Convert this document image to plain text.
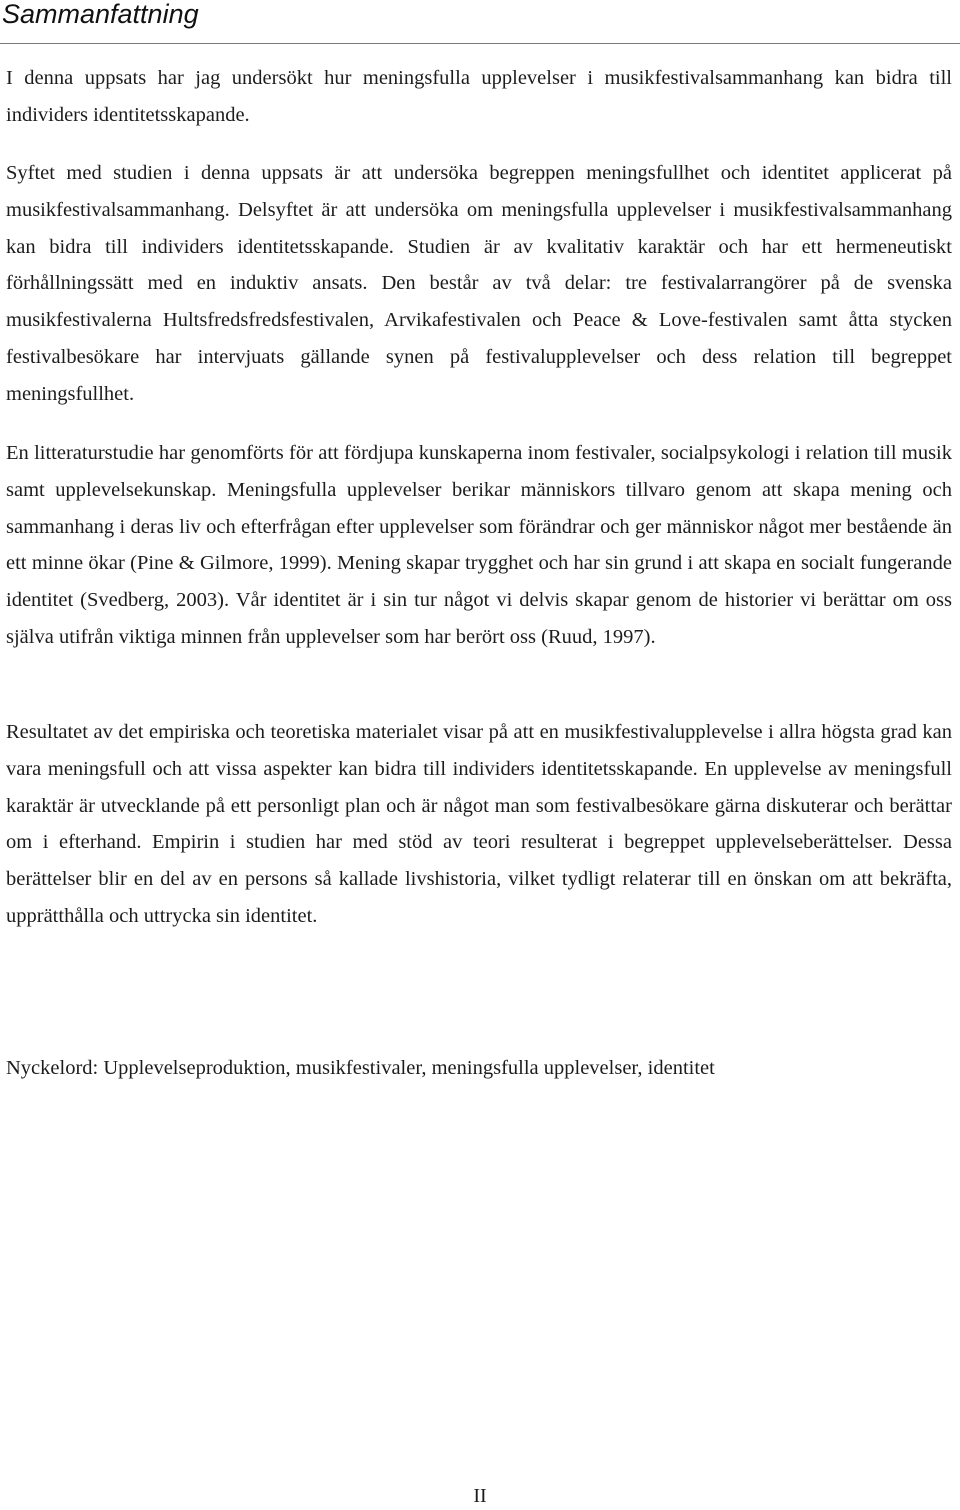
Sammanfattning

I denna uppsats har jag undersökt hur meningsfulla upplevelser i musikfestivalsammanhang kan bidra till individers identitetsskapande.

Syftet med studien i denna uppsats är att undersöka begreppen meningsfullhet och identitet applicerat på musikfestivalsammanhang. Delsyftet är att undersöka om meningsfulla upplevelser i musikfestivalsammanhang kan bidra till individers identitetsskapande. Studien är av kvalitativ karaktär och har ett hermeneutiskt förhållningssätt med en induktiv ansats. Den består av två delar: tre festivalarrangörer på de svenska musikfestivalerna Hultsfredsfredsfestivalen, Arvikafestivalen och Peace & Love-festivalen samt åtta stycken festivalbesökare har intervjuats gällande synen på festivalupplevelser och dess relation till begreppet meningsfullhet.

En litteraturstudie har genomförts för att fördjupa kunskaperna inom festivaler, socialpsykologi i relation till musik samt upplevelsekunskap. Meningsfulla upplevelser berikar människors tillvaro genom att skapa mening och sammanhang i deras liv och efterfrågan efter upplevelser som förändrar och ger människor något mer bestående än ett minne ökar (Pine & Gilmore, 1999). Mening skapar trygghet och har sin grund i att skapa en socialt fungerande identitet (Svedberg, 2003). Vår identitet är i sin tur något vi delvis skapar genom de historier vi berättar om oss själva utifrån viktiga minnen från upplevelser som har berört oss (Ruud, 1997).

Resultatet av det empiriska och teoretiska materialet visar på att en musikfestivalupplevelse i allra högsta grad kan vara meningsfull och att vissa aspekter kan bidra till individers identitetsskapande. En upplevelse av meningsfull karaktär är utvecklande på ett personligt plan och är något man som festivalbesökare gärna diskuterar och berättar om i efterhand. Empirin i studien har med stöd av teori resulterat i begreppet upplevelseberättelser. Dessa berättelser blir en del av en persons så kallade livshistoria, vilket tydligt relaterar till en önskan om att bekräfta, upprätthålla och uttrycka sin identitet.

Nyckelord: Upplevelseproduktion, musikfestivaler, meningsfulla upplevelser, identitet

II
